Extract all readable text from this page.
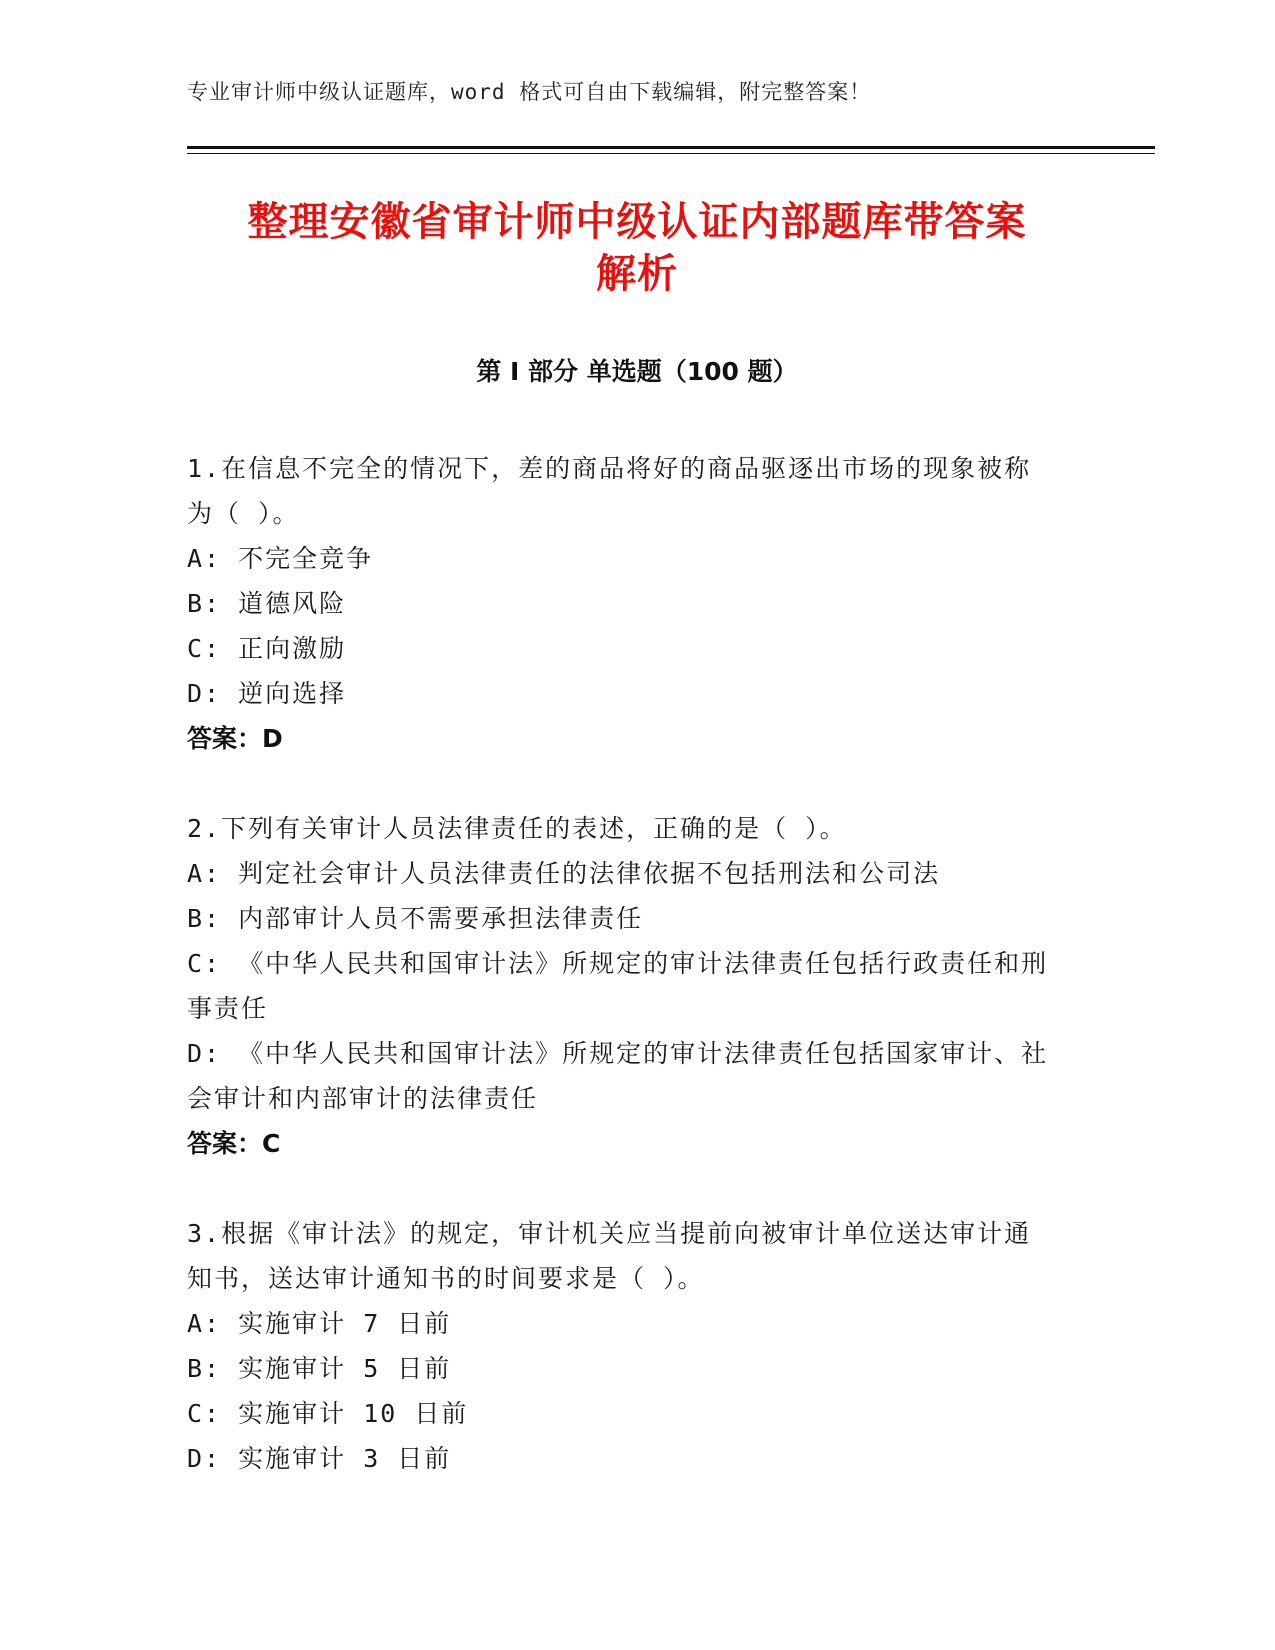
专业审计师中级认证题库，word 格式可自由下载编辑，附完整答案！
整理安徽省审计师中级认证内部题库带答案
解析
第 I 部分 单选题（100 题）
1.在信息不完全的情况下，差的商品将好的商品驱逐出市场的现象被称为（ ）。
A: 不完全竞争
B: 道德风险
C: 正向激励
D: 逆向选择
答案：D
2.下列有关审计人员法律责任的表述，正确的是（ ）。
A: 判定社会审计人员法律责任的法律依据不包括刑法和公司法
B: 内部审计人员不需要承担法律责任
C: 《中华人民共和国审计法》所规定的审计法律责任包括行政责任和刑事责任
D: 《中华人民共和国审计法》所规定的审计法律责任包括国家审计、社会审计和内部审计的法律责任
答案：C
3.根据《审计法》的规定，审计机关应当提前向被审计单位送达审计通知书，送达审计通知书的时间要求是（ ）。
A: 实施审计 7 日前
B: 实施审计 5 日前
C: 实施审计 10 日前
D: 实施审计 3 日前
